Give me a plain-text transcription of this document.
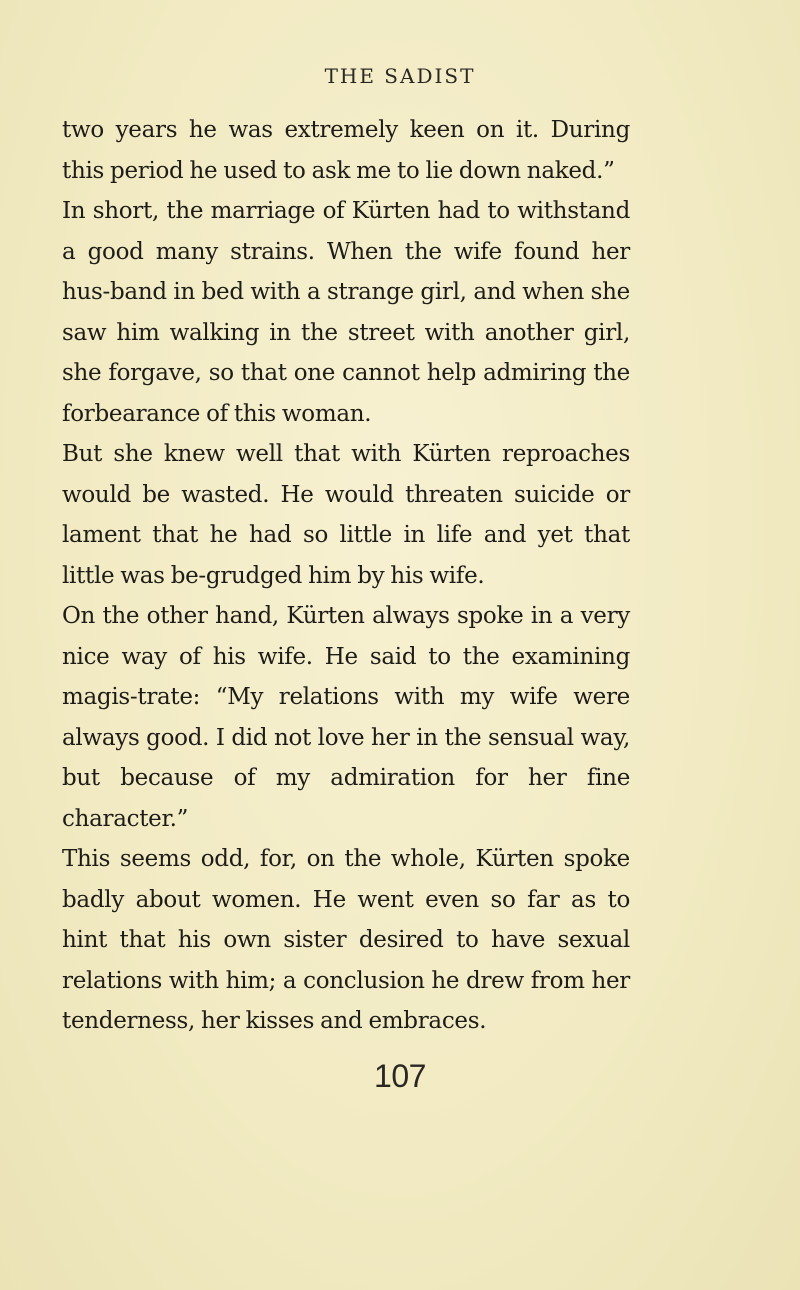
THE SADIST

two years he was extremely keen on it. During this period he used to ask me to lie down naked.”

In short, the marriage of Kürten had to withstand a good many strains. When the wife found her hus-band in bed with a strange girl, and when she saw him walking in the street with another girl, she forgave, so that one cannot help admiring the forbearance of this woman.

But she knew well that with Kürten reproaches would be wasted. He would threaten suicide or lament that he had so little in life and yet that little was be-grudged him by his wife.

On the other hand, Kürten always spoke in a very nice way of his wife. He said to the examining magis-trate: “My relations with my wife were always good. I did not love her in the sensual way, but because of my admiration for her fine character.”

This seems odd, for, on the whole, Kürten spoke badly about women. He went even so far as to hint that his own sister desired to have sexual relations with him; a conclusion he drew from her tenderness, her kisses and embraces.

107
